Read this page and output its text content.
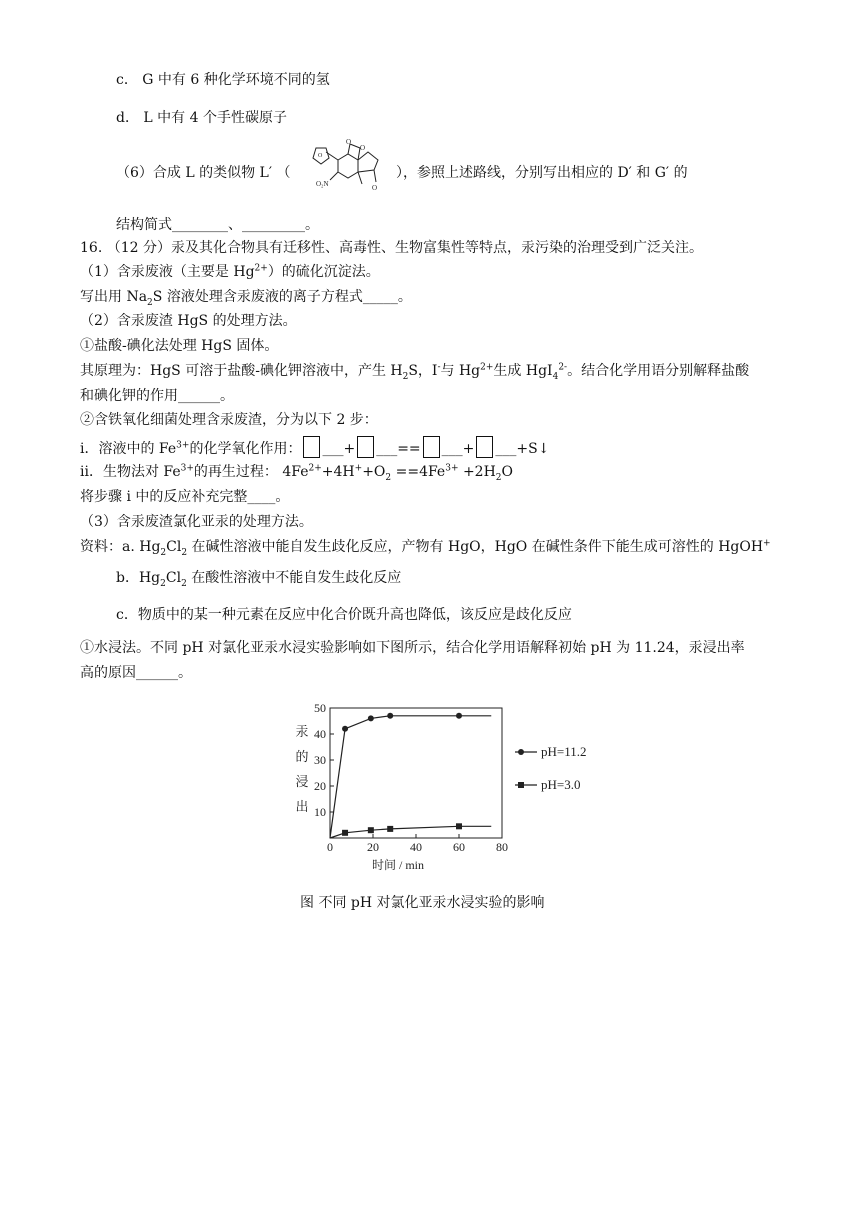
c． G 中有 6 种化学环境不同的氢
d． L 中有 4 个手性碳原子
（6）合成 L 的类似物 L′ （
O
O
O
O₂N	O
），参照上述路线，分别写出相应的 D′ 和 G′ 的
结构简式________、_________。
16. （12 分）汞及其化合物具有迁移性、高毒性、生物富集性等特点，汞污染的治理受到广泛关注。
（1）含汞废液（主要是 $Hg^{2+}$）的硫化沉淀法。
写出用 $Na_2S$ 溶液处理含汞废液的离子方程式_____。
（2）含汞废渣 HgS 的处理方法。
①盐酸-碘化法处理 HgS 固体。
其原理为：HgS 可溶于盐酸-碘化钾溶液中，产生 $H_2S$，I-与 $Hg^{2+}$生成 HgI$_4^{2-}$。结合化学用语分别解释盐酸
和碘化钾的作用______。
②含铁氧化细菌处理含汞废渣，分为以下 2 步：
i．溶液中的 $Fe^{3+}$的化学氧化作用： ___+ ___== ___+ ___+S↓
ii．生物法对 $Fe^{3+}$的再生过程： $4Fe^{2+}+4H^++O_2 ==4Fe^{3+} +2H_2O$
将步骤 i 中的反应补充完整____。
（3）含汞废渣氯化亚汞的处理方法。
资料：a. $Hg_2Cl_2$ 在碱性溶液中能自发生歧化反应，产物有 HgO，HgO 在碱性条件下能生成可溶性的 HgOH+
b．$Hg_2Cl_2$ 在酸性溶液中不能自发生歧化反应
c．物质中的某一种元素在反应中化合价既升高也降低，该反应是歧化反应
①水浸法。不同 pH 对氯化亚汞水浸实验影响如下图所示，结合化学用语解释初始 pH 为 11.24，汞浸出率
高的原因______。
0	20	40	60	80
10
20
30
40
50
汞
的
浸
出
时间 / min
pH=11.2
pH=3.0
图 不同 pH 对氯化亚汞水浸实验的影响
